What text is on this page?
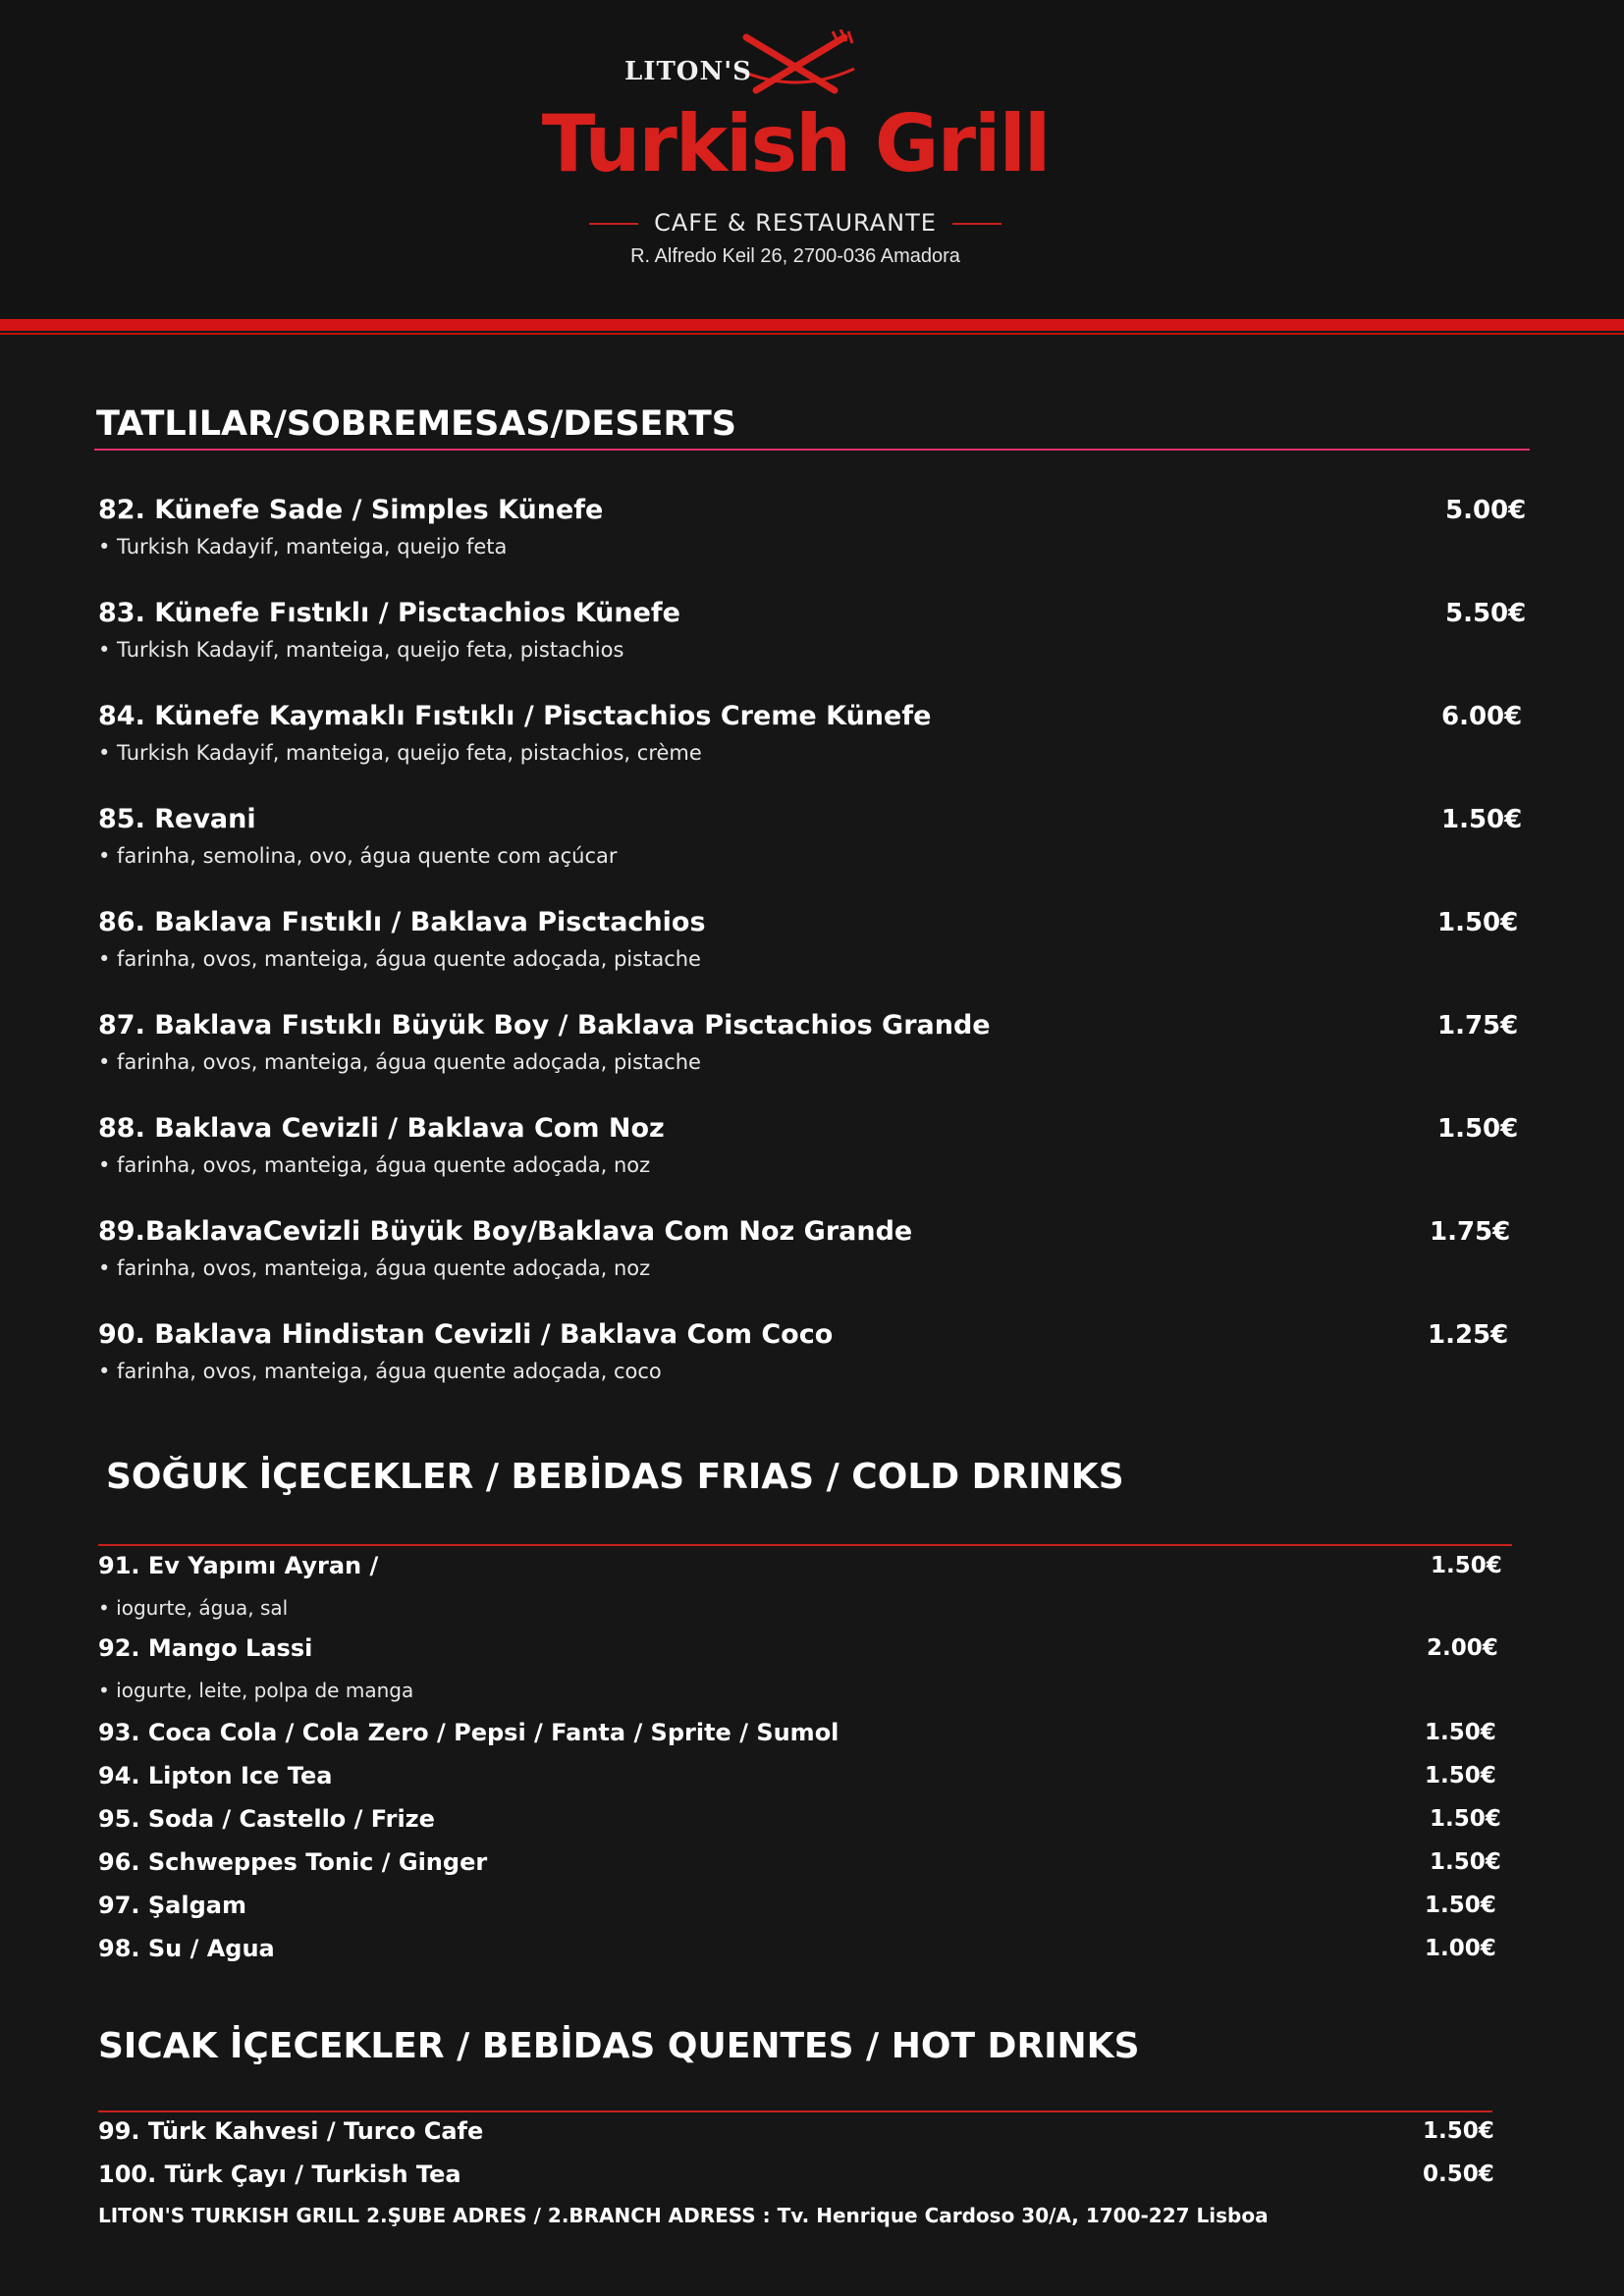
LITON'S
Turkish Grill
CAFE & RESTAURANTE
R. Alfredo Keil 26, 2700-036 Amadora
TATLILAR/SOBREMESAS/DESERTS
82. Künefe Sade / Simples Künefe	5.00€
• Turkish Kadayif, manteiga, queijo feta
83. Künefe Fıstıklı / Pisctachios Künefe	5.50€
• Turkish Kadayif, manteiga, queijo feta, pistachios
84. Künefe Kaymaklı Fıstıklı / Pisctachios Creme Künefe	6.00€
• Turkish Kadayif, manteiga, queijo feta, pistachios, crème
85. Revani	1.50€
• farinha, semolina, ovo, água quente com açúcar
86. Baklava Fıstıklı / Baklava Pisctachios	1.50€
• farinha, ovos, manteiga, água quente adoçada, pistache
87. Baklava Fıstıklı Büyük Boy / Baklava Pisctachios Grande	1.75€
• farinha, ovos, manteiga, água quente adoçada, pistache
88. Baklava Cevizli / Baklava Com Noz	1.50€
• farinha, ovos, manteiga, água quente adoçada, noz
89.BaklavaCevizli Büyük Boy/Baklava Com Noz Grande	1.75€
• farinha, ovos, manteiga, água quente adoçada, noz
90. Baklava Hindistan Cevizli / Baklava Com Coco	1.25€
• farinha, ovos, manteiga, água quente adoçada, coco
SOĞUK İÇECEKLER / BEBİDAS FRIAS / COLD DRINKS
91. Ev Yapımı Ayran /	1.50€
• iogurte, água, sal
92. Mango Lassi	2.00€
• iogurte, leite, polpa de manga
93. Coca Cola / Cola Zero / Pepsi / Fanta / Sprite / Sumol	1.50€
94. Lipton Ice Tea	1.50€
95. Soda / Castello / Frize	1.50€
96. Schweppes Tonic / Ginger	1.50€
97. Şalgam	1.50€
98. Su / Agua	1.00€
SICAK İÇECEKLER / BEBİDAS QUENTES / HOT DRINKS
99. Türk Kahvesi / Turco Cafe	1.50€
100. Türk Çayı / Turkish Tea	0.50€
LITON'S TURKISH GRILL 2.ŞUBE ADRES / 2.BRANCH ADRESS : Tv. Henrique Cardoso 30/A, 1700-227 Lisboa
